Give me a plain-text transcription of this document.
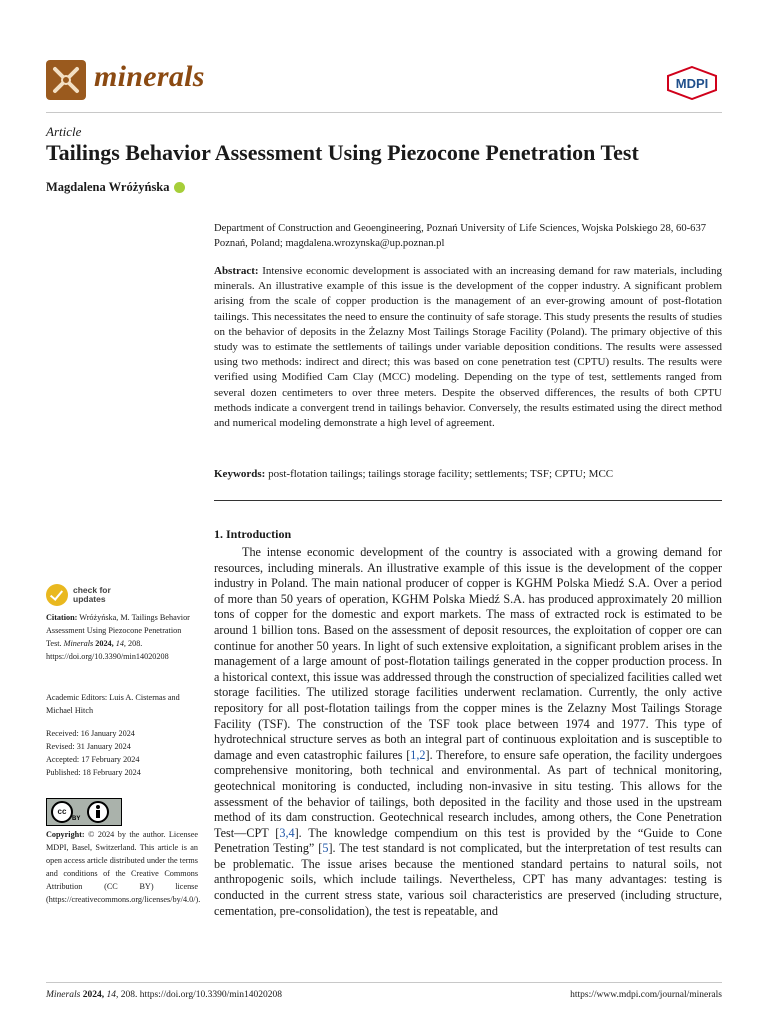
minerals	MDPI
Article
Tailings Behavior Assessment Using Piezocone Penetration Test
Magdalena Wróżyńska
Department of Construction and Geoengineering, Poznań University of Life Sciences, Wojska Polskiego 28, 60-637 Poznań, Poland; magdalena.wrozynska@up.poznan.pl
Abstract: Intensive economic development is associated with an increasing demand for raw materials, including minerals. An illustrative example of this issue is the development of the copper industry. A significant problem arising from the scale of copper production is the management of an ever-growing amount of post-flotation tailings. This necessitates the need to ensure the continuity of safe storage. This study presents the results of studies on the behavior of deposits in the Żelazny Most Tailings Storage Facility (Poland). The primary objective of this study was to estimate the settlements of tailings under variable deposition conditions. The results were assessed using two methods: indirect and direct; this was based on cone penetration test (CPTU) results. The results were verified using Modified Cam Clay (MCC) modeling. Depending on the type of test, settlements ranged from several dozen centimeters to over three meters. Despite the observed differences, the results of both CPTU methods indicate a convergent trend in tailings behavior. Conversely, the results estimated using the direct method and numerical modeling demonstrate a high level of agreement.
Keywords: post-flotation tailings; tailings storage facility; settlements; TSF; CPTU; MCC
1. Introduction

The intense economic development of the country is associated with a growing demand for resources, including minerals. An illustrative example of this issue is the development of the copper industry in Poland. The main national producer of copper is KGHM Polska Miedź S.A. Over a period of more than 50 years of operation, KGHM Polska Miedź S.A. has produced approximately 20 million tons of copper for the domestic and export markets. The mass of extracted rock is estimated to be around 1 billion tons. Based on the assessment of deposit resources, the exploitation of copper ore can continue for another 50 years. In light of such extensive exploitation, a significant problem arises in the management of a large amount of post-flotation tailings generated in the copper production process. In a historical context, this issue was addressed through the construction of specialized facilities called wet storage facilities. The utilized storage facilities underwent reclamation. Currently, the only active repository for all post-flotation tailings from the copper mines is the Zelazny Most Tailings Storage Facility (TSF). The construction of the TSF took place between 1974 and 1977. This type of hydrotechnical structure serves as both an integral part of continuous exploitation and is susceptible to damage and even catastrophic failures [1,2]. Therefore, to ensure safe operation, the facility undergoes comprehensive monitoring, both technical and environmental. As part of technical monitoring, geotechnical monitoring is conducted, including non-invasive in situ testing. This allows for the assessment of the behavior of tailings, both deposited in the facility and those used in the upstream method of its dam construction. Geotechnical research includes, among others, the Cone Penetration Test—CPT [3,4]. The knowledge compendium on this test is provided by the “Guide to Cone Penetration Testing” [5]. The test standard is not complicated, but the interpretation of test results can be problematic. The issue arises because the mentioned standard pertains to natural soils, not anthropogenic soils, which include tailings. Nevertheless, CPT has many advantages: testing is conducted in the current stress state, various soil characteristics are preserved (including structure, cementation, pre-consolidation), the test is repeatable, and

check for
updates
Citation: Wróżyńska, M. Tailings Behavior Assessment Using Piezocone Penetration Test. Minerals 2024, 14, 208. https://doi.org/10.3390/min14020208
Academic Editors: Luis A. Cisternas and Michael Hitch

Received: 16 January 2024

Revised: 31 January 2024

Accepted: 17 February 2024

Published: 18 February 2024

cc
BY
Copyright: © 2024 by the author. Licensee MDPI, Basel, Switzerland. This article is an open access article distributed under the terms and conditions of the Creative Commons Attribution (CC BY) license (https://creativecommons.org/licenses/by/4.0/).
Minerals 2024, 14, 208. https://doi.org/10.3390/min14020208	https://www.mdpi.com/journal/minerals
